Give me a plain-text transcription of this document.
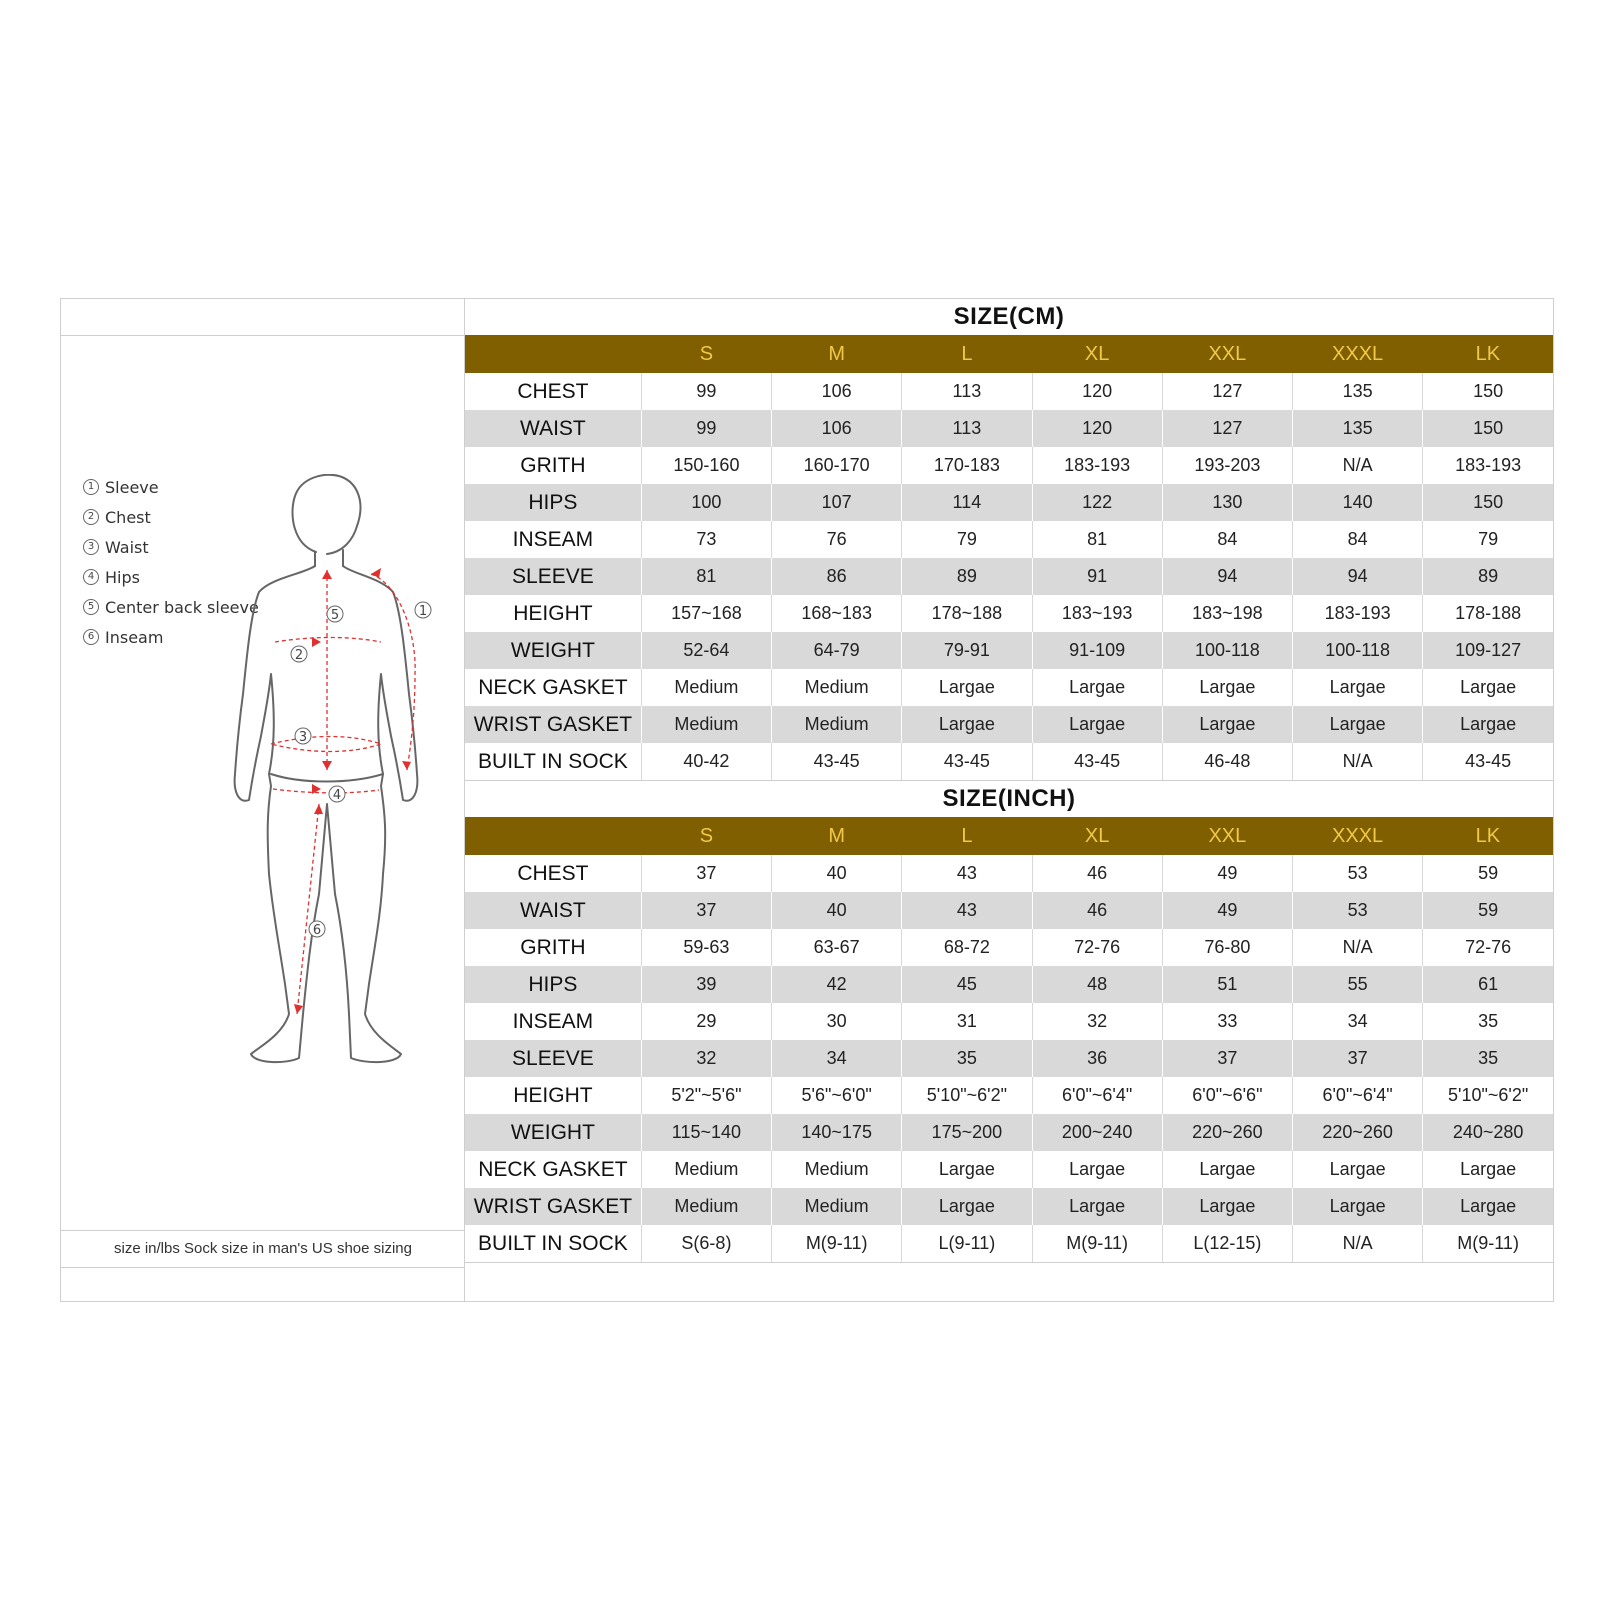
1 Sleeve
2 Chest
3 Waist
4 Hips
5 Center back sleeve
6 Inseam
1
2
3
4
5
6
size in/lbs Sock size in man's US shoe sizing
SIZE(CM)							
	S	M	L	XL	XXL	XXXL	LK
CHEST	99	106	113	120	127	135	150
WAIST	99	106	113	120	127	135	150
GRITH	150-160	160-170	170-183	183-193	193-203	N/A	183-193
HIPS	100	107	114	122	130	140	150
INSEAM	73	76	79	81	84	84	79
SLEEVE	81	86	89	91	94	94	89
HEIGHT	157~168	168~183	178~188	183~193	183~198	183-193	178-188
WEIGHT	52-64	64-79	79-91	91-109	100-118	100-118	109-127
NECK GASKET	Medium	Medium	Largae	Largae	Largae	Largae	Largae
WRIST GASKET	Medium	Medium	Largae	Largae	Largae	Largae	Largae
BUILT IN SOCK	40-42	43-45	43-45	43-45	46-48	N/A	43-45
SIZE(INCH)							
	S	M	L	XL	XXL	XXXL	LK
CHEST	37	40	43	46	49	53	59
WAIST	37	40	43	46	49	53	59
GRITH	59-63	63-67	68-72	72-76	76-80	N/A	72-76
HIPS	39	42	45	48	51	55	61
INSEAM	29	30	31	32	33	34	35
SLEEVE	32	34	35	36	37	37	35
HEIGHT	5'2"~5'6"	5'6"~6'0"	5'10"~6'2"	6'0"~6'4"	6'0"~6'6"	6'0"~6'4"	5'10"~6'2"
WEIGHT	115~140	140~175	175~200	200~240	220~260	220~260	240~280
NECK GASKET	Medium	Medium	Largae	Largae	Largae	Largae	Largae
WRIST GASKET	Medium	Medium	Largae	Largae	Largae	Largae	Largae
BUILT IN SOCK	S(6-8)	M(9-11)	L(9-11)	M(9-11)	L(12-15)	N/A	M(9-11)
